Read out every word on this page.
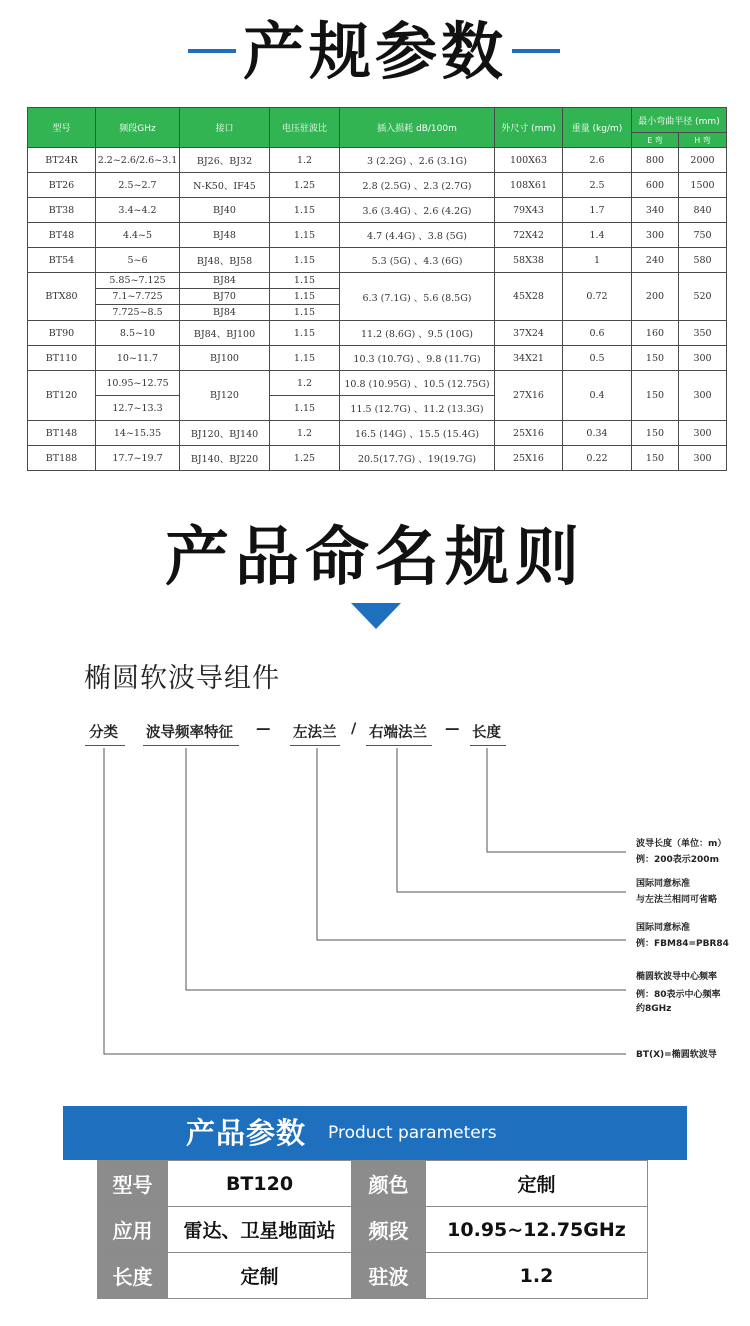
产规参数
型号	频段GHz	接口	电压驻波比	插入损耗 dB/100m	外尺寸 (mm)	重量 (kg/m)	最小弯曲半径 (mm)	
							E 弯	H 弯
BT24R	2.2~2.6/2.6~3.1	BJ26、BJ32	1.2	3 (2.2G) 、2.6 (3.1G)	100X63	2.6	800	2000
BT26	2.5~2.7	N-K50、IF45	1.25	2.8 (2.5G) 、2.3 (2.7G)	108X61	2.5	600	1500
BT38	3.4~4.2	BJ40	1.15	3.6 (3.4G) 、2.6 (4.2G)	79X43	1.7	340	840
BT48	4.4~5	BJ48	1.15	4.7 (4.4G) 、3.8 (5G)	72X42	1.4	300	750
BT54	5~6	BJ48、BJ58	1.15	5.3 (5G) 、4.3 (6G)	58X38	1	240	580
BTX80	5.85~7.125	BJ84	1.15	6.3 (7.1G) 、5.6 (8.5G)	45X28	0.72	200	520
	7.1~7.725	BJ70	1.15					
	7.725~8.5	BJ84	1.15					
BT90	8.5~10	BJ84、BJ100	1.15	11.2 (8.6G) 、9.5 (10G)	37X24	0.6	160	350
BT110	10~11.7	BJ100	1.15	10.3 (10.7G) 、9.8 (11.7G)	34X21	0.5	150	300
BT120	10.95~12.75	BJ120	1.2	10.8 (10.95G) 、10.5 (12.75G)	27X16	0.4	150	300
	12.7~13.3		1.15	11.5 (12.7G) 、11.2 (13.3G)				
BT148	14~15.35	BJ120、BJ140	1.2	16.5 (14G) 、15.5 (15.4G)	25X16	0.34	150	300
BT188	17.7~19.7	BJ140、BJ220	1.25	20.5(17.7G) 、19(19.7G)	25X16	0.22	150	300
产品命名规则
椭圆软波导组件
分类 波导频率特征 — 左法兰 / 右端法兰 — 长度
波导长度（单位：m）
例：200表示200m
国际同意标准
与左法兰相同可省略
国际同意标准
例：FBM84=PBR84
椭圆软波导中心频率
例：80表示中心频率
约8GHz
BT(X)=椭圆软波导
产品参数 Product parameters
型号	BT120	颜色	定制
应用	雷达、卫星地面站	频段	10.95~12.75GHz
长度	定制	驻波	1.2
